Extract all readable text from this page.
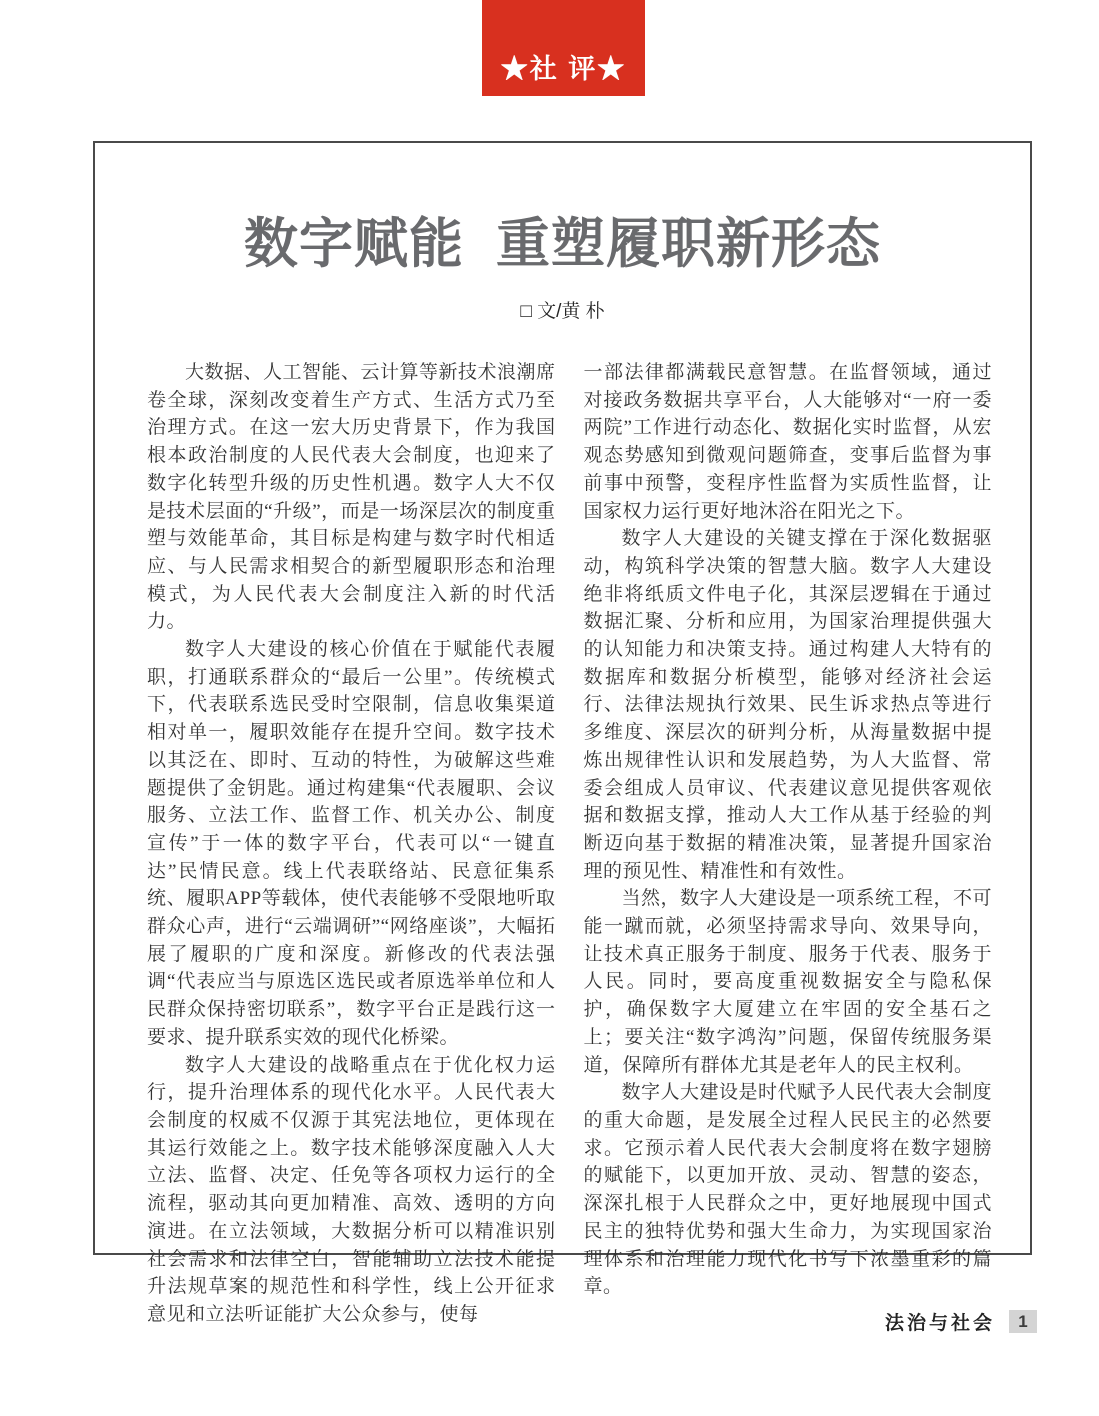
★社 评★
数字赋能  重塑履职新形态
□ 文/黄 朴

大数据、人工智能、云计算等新技术浪潮席卷全球，深刻改变着生产方式、生活方式乃至治理方式。在这一宏大历史背景下，作为我国根本政治制度的人民代表大会制度，也迎来了数字化转型升级的历史性机遇。数字人大不仅是技术层面的“升级”，而是一场深层次的制度重塑与效能革命，其目标是构建与数字时代相适应、与人民需求相契合的新型履职形态和治理模式，为人民代表大会制度注入新的时代活力。

数字人大建设的核心价值在于赋能代表履职，打通联系群众的“最后一公里”。传统模式下，代表联系选民受时空限制，信息收集渠道相对单一，履职效能存在提升空间。数字技术以其泛在、即时、互动的特性，为破解这些难题提供了金钥匙。通过构建集“代表履职、会议服务、立法工作、监督工作、机关办公、制度宣传”于一体的数字平台，代表可以“一键直达”民情民意。线上代表联络站、民意征集系统、履职APP等载体，使代表能够不受限地听取群众心声，进行“云端调研”“网络座谈”，大幅拓展了履职的广度和深度。新修改的代表法强调“代表应当与原选区选民或者原选举单位和人民群众保持密切联系”，数字平台正是践行这一要求、提升联系实效的现代化桥梁。

数字人大建设的战略重点在于优化权力运行，提升治理体系的现代化水平。人民代表大会制度的权威不仅源于其宪法地位，更体现在其运行效能之上。数字技术能够深度融入人大立法、监督、决定、任免等各项权力运行的全流程，驱动其向更加精准、高效、透明的方向演进。在立法领域，大数据分析可以精准识别社会需求和法律空白，智能辅助立法技术能提升法规草案的规范性和科学性，线上公开征求意见和立法听证能扩大公众参与，使每

一部法律都满载民意智慧。在监督领域，通过对接政务数据共享平台，人大能够对“一府一委两院”工作进行动态化、数据化实时监督，从宏观态势感知到微观问题筛查，变事后监督为事前事中预警，变程序性监督为实质性监督，让国家权力运行更好地沐浴在阳光之下。

数字人大建设的关键支撑在于深化数据驱动，构筑科学决策的智慧大脑。数字人大建设绝非将纸质文件电子化，其深层逻辑在于通过数据汇聚、分析和应用，为国家治理提供强大的认知能力和决策支持。通过构建人大特有的数据库和数据分析模型，能够对经济社会运行、法律法规执行效果、民生诉求热点等进行多维度、深层次的研判分析，从海量数据中提炼出规律性认识和发展趋势，为人大监督、常委会组成人员审议、代表建议意见提供客观依据和数据支撑，推动人大工作从基于经验的判断迈向基于数据的精准决策，显著提升国家治理的预见性、精准性和有效性。

当然，数字人大建设是一项系统工程，不可能一蹴而就，必须坚持需求导向、效果导向，让技术真正服务于制度、服务于代表、服务于人民。同时，要高度重视数据安全与隐私保护，确保数字大厦建立在牢固的安全基石之上；要关注“数字鸿沟”问题，保留传统服务渠道，保障所有群体尤其是老年人的民主权利。

数字人大建设是时代赋予人民代表大会制度的重大命题，是发展全过程人民民主的必然要求。它预示着人民代表大会制度将在数字翅膀的赋能下，以更加开放、灵动、智慧的姿态，深深扎根于人民群众之中，更好地展现中国式民主的独特优势和强大生命力，为实现国家治理体系和治理能力现代化书写下浓墨重彩的篇章。

法治与社会	1
